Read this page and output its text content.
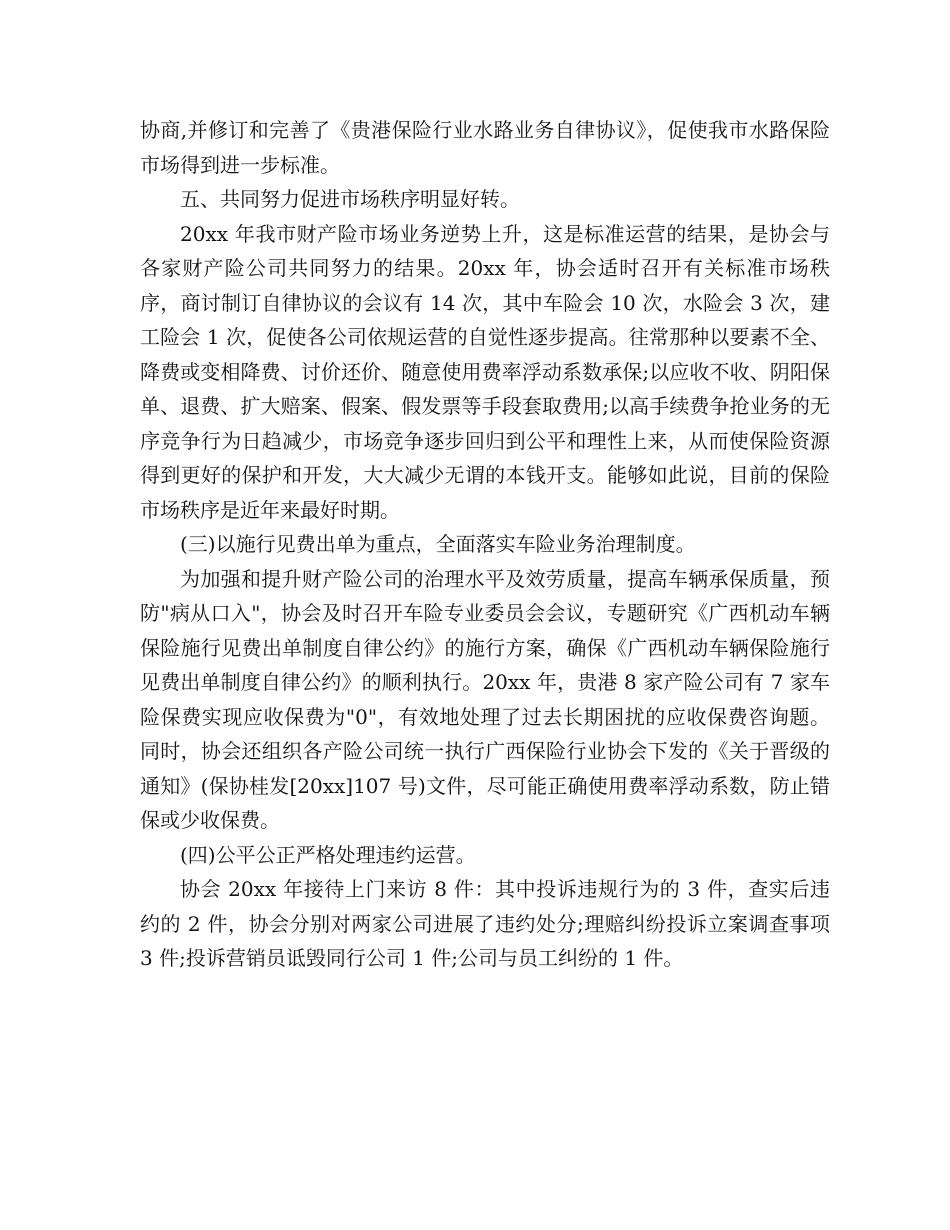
协商,并修订和完善了《贵港保险行业水路业务自律协议》，促使我市水路保险市场得到进一步标准。

五、共同努力促进市场秩序明显好转。

20xx 年我市财产险市场业务逆势上升，这是标准运营的结果，是协会与各家财产险公司共同努力的结果。20xx 年，协会适时召开有关标准市场秩序，商讨制订自律协议的会议有 14 次，其中车险会 10 次，水险会 3 次，建工险会 1 次，促使各公司依规运营的自觉性逐步提高。往常那种以要素不全、降费或变相降费、讨价还价、随意使用费率浮动系数承保;以应收不收、阴阳保单、退费、扩大赔案、假案、假发票等手段套取费用;以高手续费争抢业务的无序竞争行为日趋减少，市场竞争逐步回归到公平和理性上来，从而使保险资源得到更好的保护和开发，大大减少无谓的本钱开支。能够如此说，目前的保险市场秩序是近年来最好时期。

(三)以施行见费出单为重点，全面落实车险业务治理制度。

为加强和提升财产险公司的治理水平及效劳质量，提高车辆承保质量，预防"病从口入"，协会及时召开车险专业委员会会议，专题研究《广西机动车辆保险施行见费出单制度自律公约》的施行方案，确保《广西机动车辆保险施行见费出单制度自律公约》的顺利执行。20xx 年，贵港 8 家产险公司有 7 家车险保费实现应收保费为"0"，有效地处理了过去长期困扰的应收保费咨询题。同时，协会还组织各产险公司统一执行广西保险行业协会下发的《关于晋级的通知》(保协桂发[20xx]107 号)文件，尽可能正确使用费率浮动系数，防止错保或少收保费。

(四)公平公正严格处理违约运营。

协会 20xx 年接待上门来访 8 件：其中投诉违规行为的 3 件，查实后违约的 2 件，协会分别对两家公司进展了违约处分;理赔纠纷投诉立案调查事项 3 件;投诉营销员诋毁同行公司 1 件;公司与员工纠纷的 1 件。
